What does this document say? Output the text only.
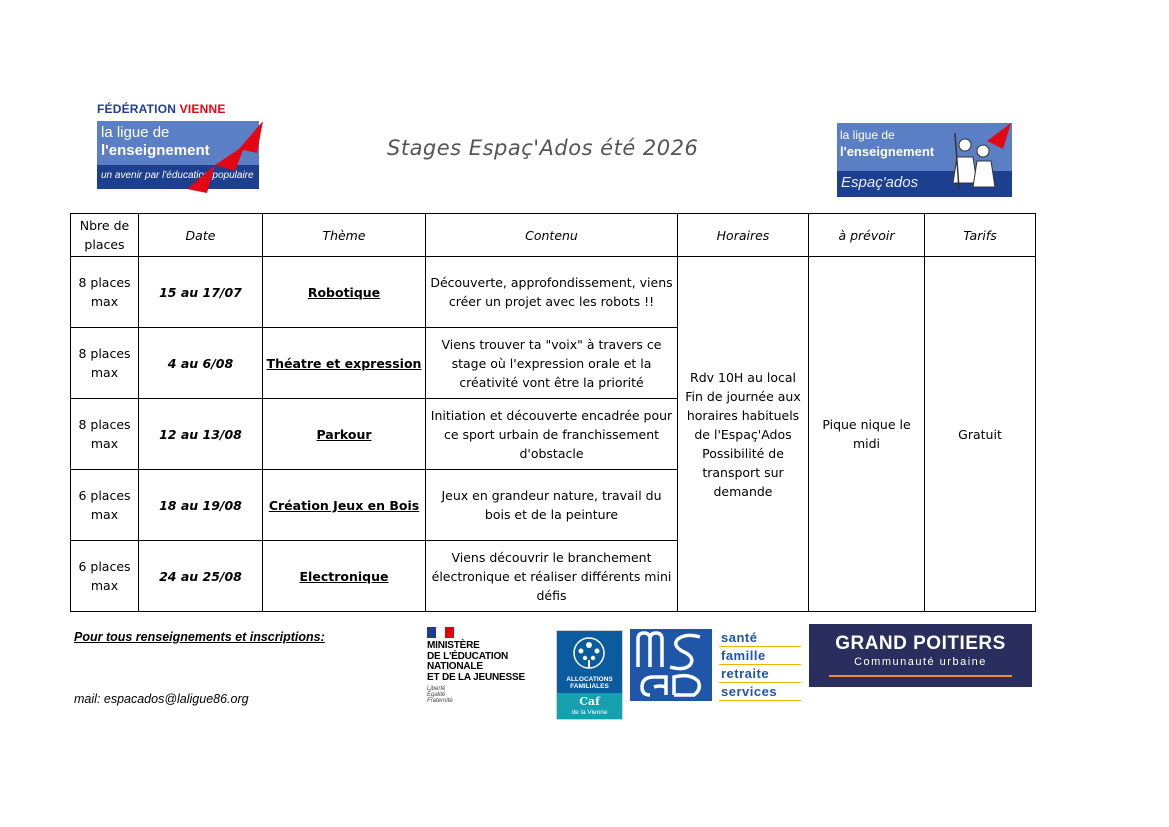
FÉDÉRATION VIENNE
la ligue de
l'enseignement
un avenir par l'éducation populaire
Stages Espaç'Ados été 2026
la ligue de
l'enseignement
Espaç'ados
Nbre de places	Date	Thème	Contenu	Horaires	à prévoir	Tarifs
8 places max	15 au 17/07	Robotique	Découverte, approfondissement, viens créer un projet avec les robots !!	Rdv 10H au local Fin de journée aux horaires habituels de l'Espaç'Ados Possibilité de transport sur demande	Pique nique le midi	Gratuit
8 places max	4 au 6/08	Théatre et expression	Viens trouver ta "voix" à travers ce stage où l'expression orale et la créativité vont être la priorité			
8 places max	12 au 13/08	Parkour	Initiation et découverte encadrée pour ce sport urbain de franchissement d'obstacle			
6 places max	18 au 19/08	Création Jeux en Bois	Jeux en grandeur nature, travail du bois et de la peinture			
6 places max	24 au 25/08	Electronique	Viens découvrir le branchement électronique et réaliser différents mini défis			
Pour tous renseignements et inscriptions:
mail: espacados@laligue86.org
MINISTÈRE
DE L'ÉDUCATION
NATIONALE
ET DE LA JEUNESSE
Liberté
Égalité
Fraternité
ALLOCATIONS
FAMILIALES
Caf
de la Vienne
santé
famille
retraite
services
GRAND POITIERS
Communauté urbaine
